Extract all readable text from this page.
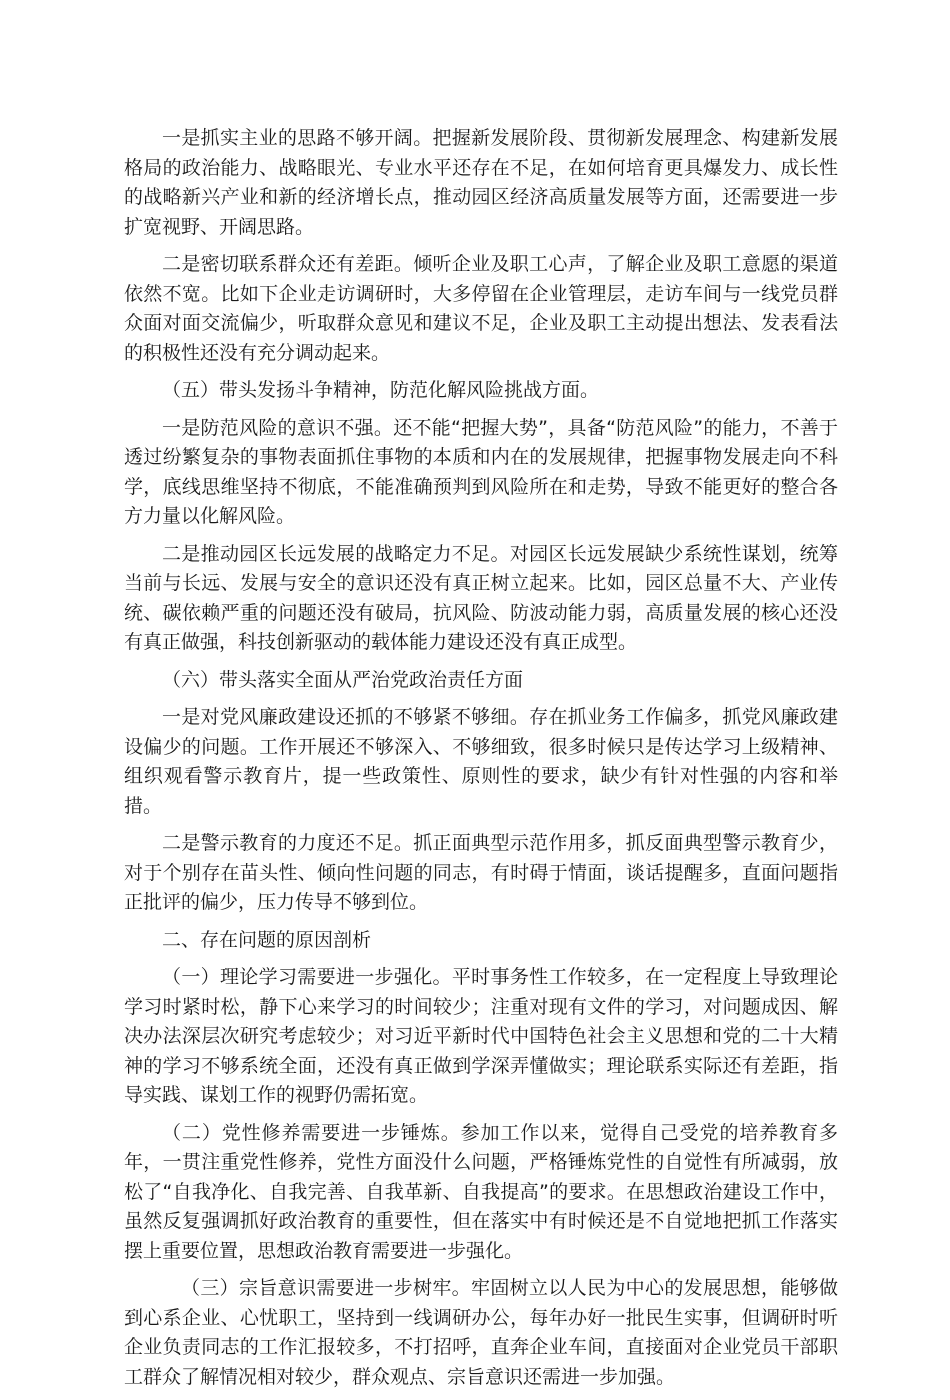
一是抓实主业的思路不够开阔。把握新发展阶段、贯彻新发展理念、构建新发展格局的政治能力、战略眼光、专业水平还存在不足，在如何培育更具爆发力、成长性的战略新兴产业和新的经济增长点，推动园区经济高质量发展等方面，还需要进一步扩宽视野、开阔思路。

二是密切联系群众还有差距。倾听企业及职工心声，了解企业及职工意愿的渠道依然不宽。比如下企业走访调研时，大多停留在企业管理层，走访车间与一线党员群众面对面交流偏少，听取群众意见和建议不足，企业及职工主动提出想法、发表看法的积极性还没有充分调动起来。

（五）带头发扬斗争精神，防范化解风险挑战方面。

一是防范风险的意识不强。还不能“把握大势”，具备“防范风险”的能力，不善于透过纷繁复杂的事物表面抓住事物的本质和内在的发展规律，把握事物发展走向不科学，底线思维坚持不彻底，不能准确预判到风险所在和走势，导致不能更好的整合各方力量以化解风险。

二是推动园区长远发展的战略定力不足。对园区长远发展缺少系统性谋划，统筹当前与长远、发展与安全的意识还没有真正树立起来。比如，园区总量不大、产业传统、碳依赖严重的问题还没有破局，抗风险、防波动能力弱，高质量发展的核心还没有真正做强，科技创新驱动的载体能力建设还没有真正成型。

（六）带头落实全面从严治党政治责任方面

一是对党风廉政建设还抓的不够紧不够细。存在抓业务工作偏多，抓党风廉政建设偏少的问题。工作开展还不够深入、不够细致，很多时候只是传达学习上级精神、组织观看警示教育片，提一些政策性、原则性的要求，缺少有针对性强的内容和举措。

二是警示教育的力度还不足。抓正面典型示范作用多，抓反面典型警示教育少，对于个别存在苗头性、倾向性问题的同志，有时碍于情面，谈话提醒多，直面问题指正批评的偏少，压力传导不够到位。

二、存在问题的原因剖析

（一）理论学习需要进一步强化。平时事务性工作较多，在一定程度上导致理论学习时紧时松，静下心来学习的时间较少；注重对现有文件的学习，对问题成因、解决办法深层次研究考虑较少；对习近平新时代中国特色社会主义思想和党的二十大精神的学习不够系统全面，还没有真正做到学深弄懂做实；理论联系实际还有差距，指导实践、谋划工作的视野仍需拓宽。

（二）党性修养需要进一步锤炼。参加工作以来，觉得自己受党的培养教育多年，一贯注重党性修养，党性方面没什么问题，严格锤炼党性的自觉性有所减弱，放松了“自我净化、自我完善、自我革新、自我提高”的要求。在思想政治建设工作中，虽然反复强调抓好政治教育的重要性，但在落实中有时候还是不自觉地把抓工作落实摆上重要位置，思想政治教育需要进一步强化。

（三）宗旨意识需要进一步树牢。牢固树立以人民为中心的发展思想，能够做到心系企业、心忧职工，坚持到一线调研办公，每年办好一批民生实事，但调研时听企业负责同志的工作汇报较多，不打招呼，直奔企业车间，直接面对企业党员干部职工群众了解情况相对较少，群众观点、宗旨意识还需进一步加强。
